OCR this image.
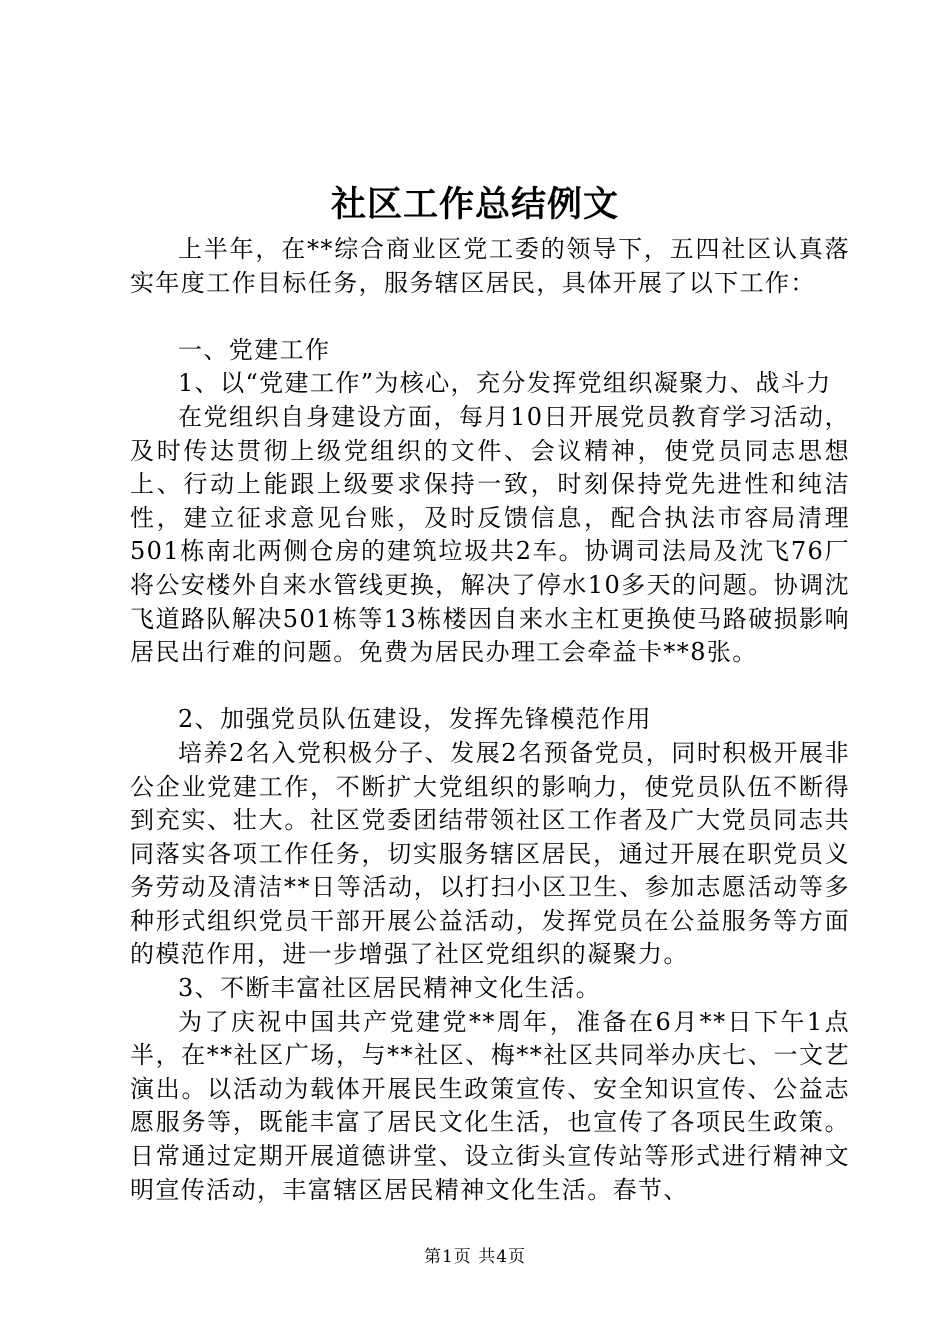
社区工作总结例文

上半年，在**综合商业区党工委的领导下，五四社区认真落实年度工作目标任务，服务辖区居民，具体开展了以下工作：

一、党建工作

1、以“党建工作”为核心，充分发挥党组织凝聚力、战斗力

在党组织自身建设方面，每月10日开展党员教育学习活动，及时传达贯彻上级党组织的文件、会议精神，使党员同志思想上、行动上能跟上级要求保持一致，时刻保持党先进性和纯洁性，建立征求意见台账，及时反馈信息，配合执法市容局清理501栋南北两侧仓房的建筑垃圾共2车。协调司法局及沈飞76厂将公安楼外自来水管线更换，解决了停水10多天的问题。协调沈飞道路队解决501栋等13栋楼因自来水主杠更换使马路破损影响居民出行难的问题。免费为居民办理工会牵益卡**8张。

2、加强党员队伍建设，发挥先锋模范作用

培养2名入党积极分子、发展2名预备党员，同时积极开展非公企业党建工作，不断扩大党组织的影响力，使党员队伍不断得到充实、壮大。社区党委团结带领社区工作者及广大党员同志共同落实各项工作任务，切实服务辖区居民，通过开展在职党员义务劳动及清洁**日等活动，以打扫小区卫生、参加志愿活动等多种形式组织党员干部开展公益活动，发挥党员在公益服务等方面的模范作用，进一步增强了社区党组织的凝聚力。

3、不断丰富社区居民精神文化生活。

为了庆祝中国共产党建党**周年，准备在6月**日下午1点半，在**社区广场，与**社区、梅**社区共同举办庆七、一文艺演出。以活动为载体开展民生政策宣传、安全知识宣传、公益志愿服务等，既能丰富了居民文化生活，也宣传了各项民生政策。日常通过定期开展道德讲堂、设立街头宣传站等形式进行精神文明宣传活动，丰富辖区居民精神文化生活。春节、

第1页 共4页
